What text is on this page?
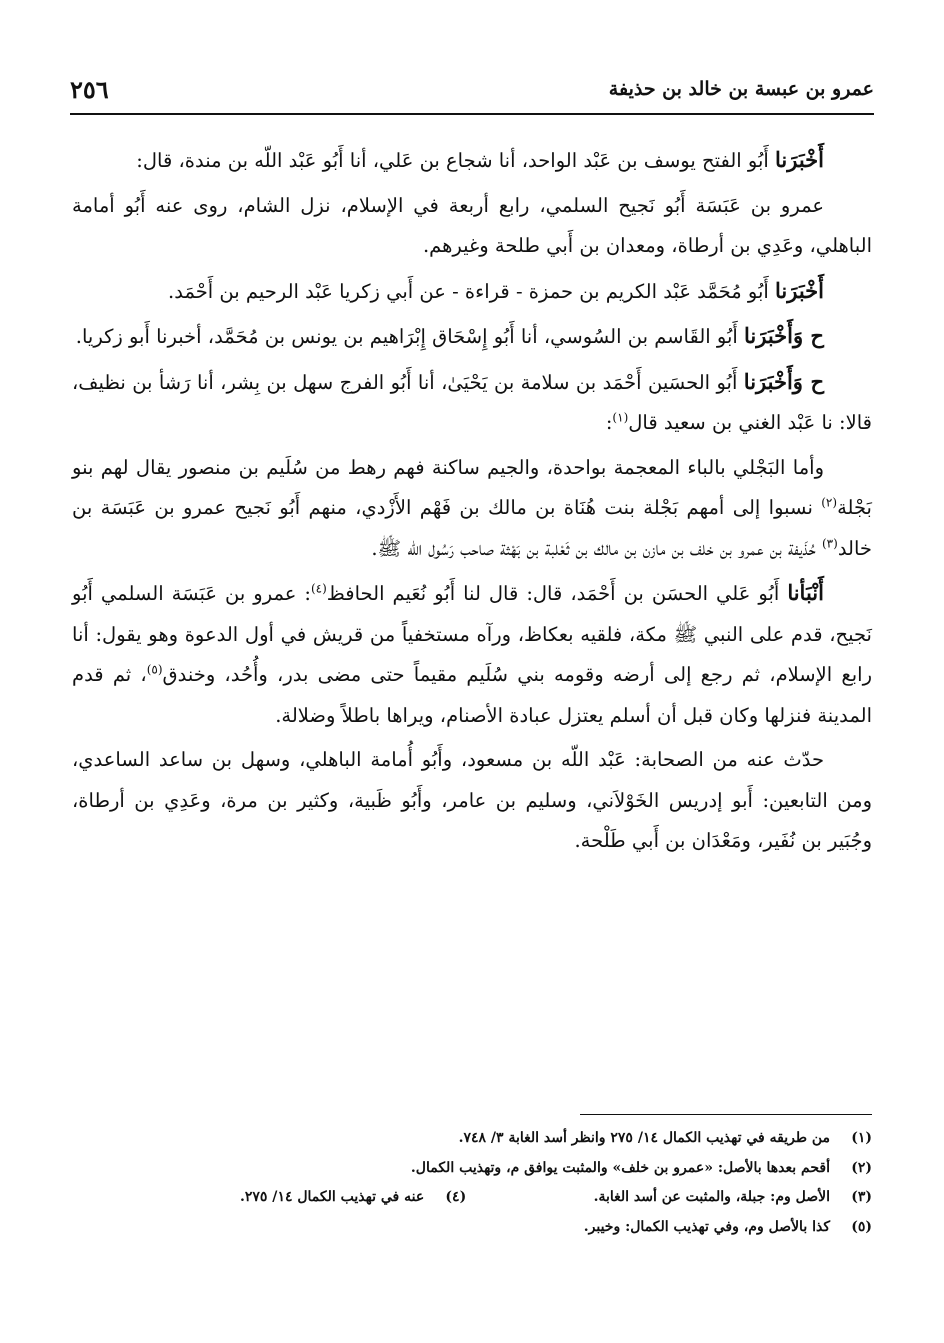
٢٥٦	عمرو بن عبسة بن خالد بن حذيفة

أَخْبَرَنا أَبُو الفتح يوسف بن عَبْد الواحد، أنا شجاع بن عَلي، أنا أَبُو عَبْد اللّه بن مندة، قال:

عمرو بن عَبَسَة أَبُو نَجيح السلمي، رابع أربعة في الإسلام، نزل الشام، روى عنه أَبُو أمامة الباهلي، وعَدِي بن أرطاة، ومعدان بن أَبي طلحة وغيرهم.

أَخْبَرَنا أَبُو مُحَمَّد عَبْد الكريم بن حمزة - قراءة - عن أَبي زكريا عَبْد الرحيم بن أَحْمَد.

ح وَأَخْبَرَنا أَبُو القَاسم بن السُوسي، أنا أَبُو إِسْحَاق إِبْرَاهيم بن يونس بن مُحَمَّد، أخبرنا أَبو زكريا.

ح وَأَخْبَرَنا أَبُو الحسَين أَحْمَد بن سلامة بن يَحْيَىٰ، أنا أَبُو الفرج سهل بن بِشر، أنا رَشأ بن نظيف، قالا: نا عَبْد الغني بن سعيد قال$^{(١)}$:

وأما البَجْلي بالباء المعجمة بواحدة، والجيم ساكنة فهم رهط من سُلَيم بن منصور يقال لهم بنو بَجْلة$^{(٢)}$ نسبوا إلى أمهم بَجْلة بنت هُنَاة بن مالك بن فَهْم الأَزْدي، منهم أَبُو نَجيح عمرو بن عَبَسَة بن خالد$^{(٣)}$ حُذَيفة بن عمرو بن خلف بن مازن بن مالك بن ثَعْلبة بن بَهْثة صاحب رَسُول اللّه ﷺ.

أَنْبَأنا أَبُو عَلي الحسَن بن أَحْمَد، قال: قال لنا أَبُو نُعَيم الحافظ$^{(٤)}$: عمرو بن عَبَسَة السلمي أَبُو نَجيح، قدم على النبي ﷺ مكة، فلقيه بعكاظ، ورآه مستخفياً من قريش في أول الدعوة وهو يقول: أنا رابع الإسلام، ثم رجع إلى أرضه وقومه بني سُلَيم مقيماً حتى مضى بدر، وأُحُد، وخندق$^{(٥)}$، ثم قدم المدينة فنزلها وكان قبل أن أسلم يعتزل عبادة الأصنام، ويراها باطلاً وضلالة.

حدّث عنه من الصحابة: عَبْد اللّه بن مسعود، وأَبُو أُمامة الباهلي، وسهل بن ساعد الساعدي، ومن التابعين: أَبو إدريس الخَوْلاَني، وسليم بن عامر، وأَبُو ظَبية، وكثير بن مرة، وعَدِي بن أرطاة، وجُبَير بن نُفَير، ومَعْدَان بن أَبي طَلْحة.

(١)
من طريقه في تهذيب الكمال ١٤/ ٢٧٥ وانظر أسد الغابة ٣/ ٧٤٨.
(٢)
أقحم بعدها بالأصل: «عمرو بن خلف» والمثبت يوافق م، وتهذيب الكمال.
(٣)
الأصل وم: جبلة، والمثبت عن أسد الغابة.
(٤)
عنه في تهذيب الكمال ١٤/ ٢٧٥.
(٥)
كذا بالأصل وم، وفي تهذيب الكمال: وخيبر.
